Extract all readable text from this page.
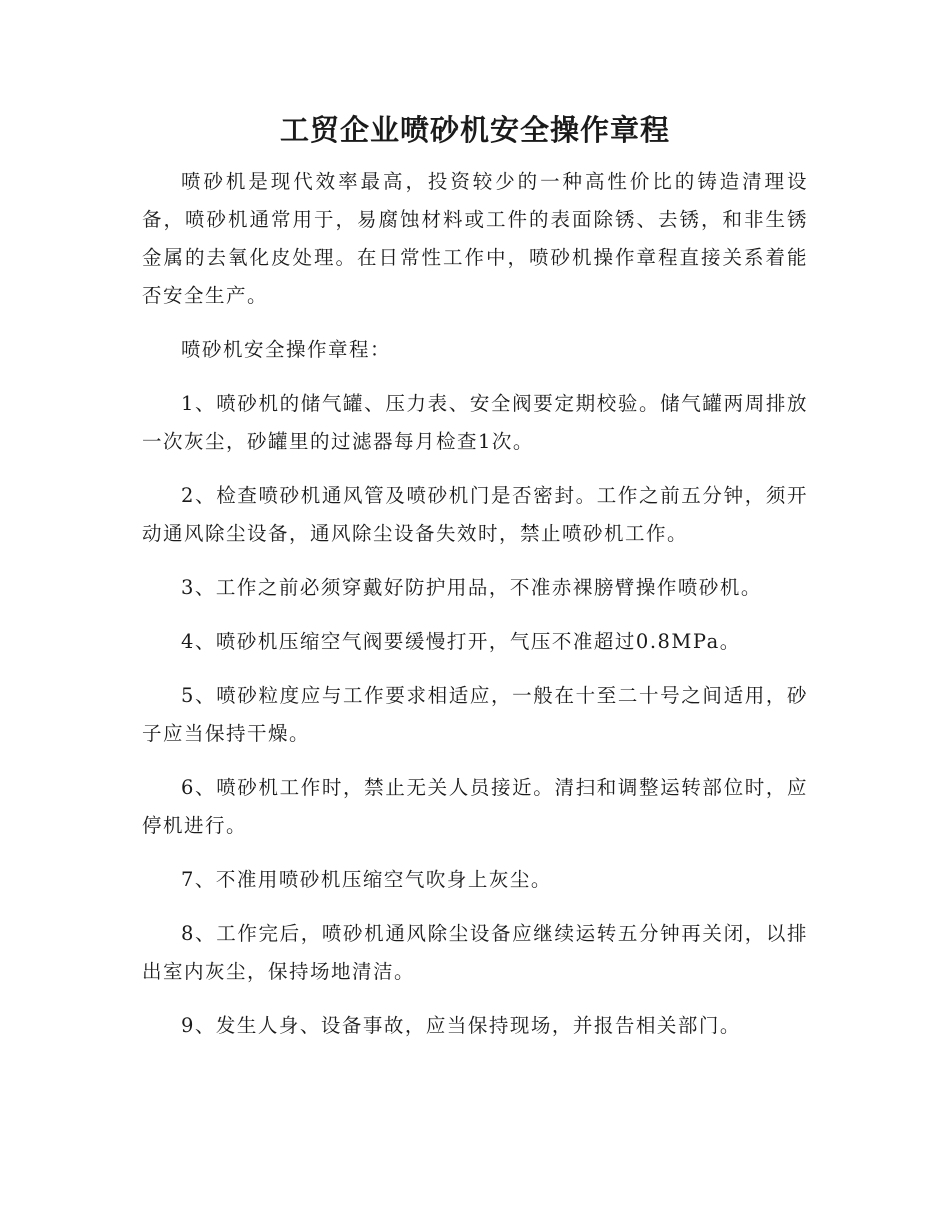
工贸企业喷砂机安全操作章程

喷砂机是现代效率最高，投资较少的一种高性价比的铸造清理设备，喷砂机通常用于，易腐蚀材料或工件的表面除锈、去锈，和非生锈金属的去氧化皮处理。在日常性工作中，喷砂机操作章程直接关系着能否安全生产。

喷砂机安全操作章程：

1、喷砂机的储气罐、压力表、安全阀要定期校验。储气罐两周排放一次灰尘，砂罐里的过滤器每月检查1次。

2、检查喷砂机通风管及喷砂机门是否密封。工作之前五分钟，须开动通风除尘设备，通风除尘设备失效时，禁止喷砂机工作。

3、工作之前必须穿戴好防护用品，不准赤裸膀臂操作喷砂机。

4、喷砂机压缩空气阀要缓慢打开，气压不准超过0.8MPa。

5、喷砂粒度应与工作要求相适应，一般在十至二十号之间适用，砂子应当保持干燥。

6、喷砂机工作时，禁止无关人员接近。清扫和调整运转部位时，应停机进行。

7、不准用喷砂机压缩空气吹身上灰尘。

8、工作完后，喷砂机通风除尘设备应继续运转五分钟再关闭，以排出室内灰尘，保持场地清洁。

9、发生人身、设备事故，应当保持现场，并报告相关部门。
